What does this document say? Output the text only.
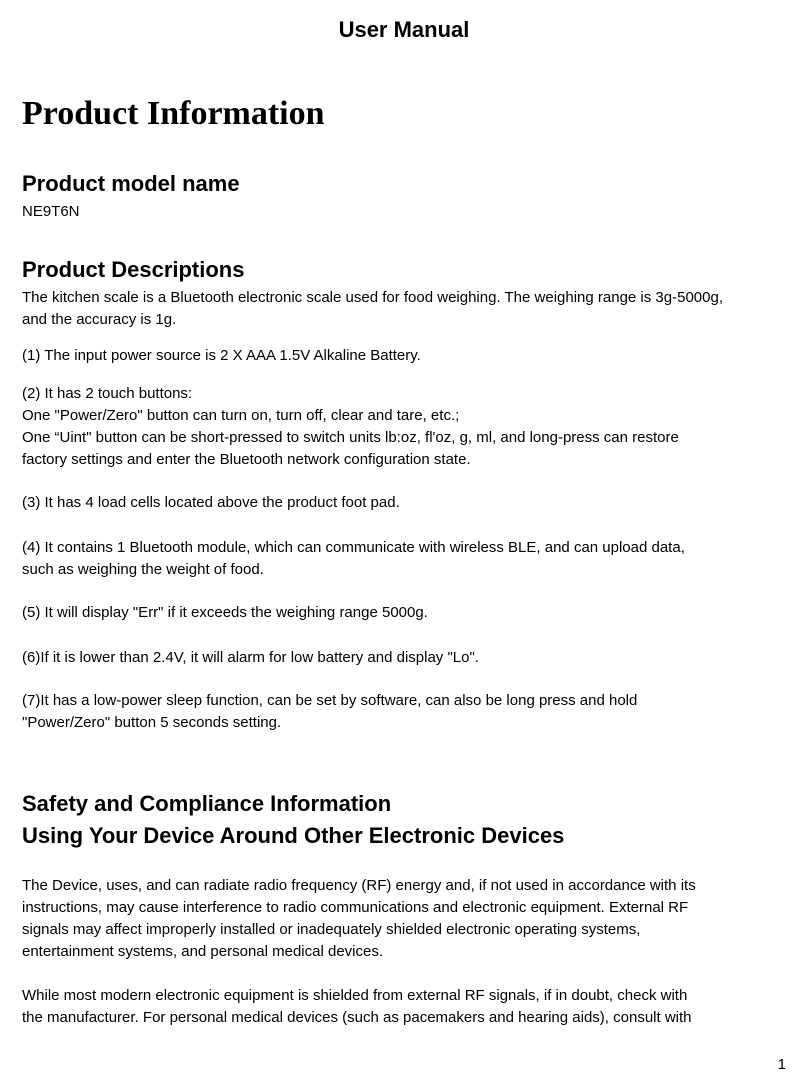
User Manual
Product Information
Product model name

NE9T6N

Product Descriptions

The kitchen scale is a Bluetooth electronic scale used for food weighing. The weighing range is 3g-5000g,
and the accuracy is 1g.

(1) The input power source is 2 X AAA 1.5V Alkaline Battery.

(2) It has 2 touch buttons:
One "Power/Zero" button can turn on, turn off, clear and tare, etc.;
One “Uint" button can be short-pressed to switch units lb:oz, fl'oz, g, ml, and long-press can restore
factory settings and enter the Bluetooth network configuration state.

(3) It has 4 load cells located above the product foot pad.

(4) It contains 1 Bluetooth module, which can communicate with wireless BLE, and can upload data,
such as weighing the weight of food.

(5) It will display "Err" if it exceeds the weighing range 5000g.

(6)If it is lower than 2.4V, it will alarm for low battery and display "Lo".

(7)It has a low-power sleep function, can be set by software, can also be long press and hold
"Power/Zero" button 5 seconds setting.

Safety and Compliance Information
Using Your Device Around Other Electronic Devices

The Device, uses, and can radiate radio frequency (RF) energy and, if not used in accordance with its
instructions, may cause interference to radio communications and electronic equipment. External RF
signals may affect improperly installed or inadequately shielded electronic operating systems,
entertainment systems, and personal medical devices.

While most modern electronic equipment is shielded from external RF signals, if in doubt, check with
the manufacturer. For personal medical devices (such as pacemakers and hearing aids), consult with

1
